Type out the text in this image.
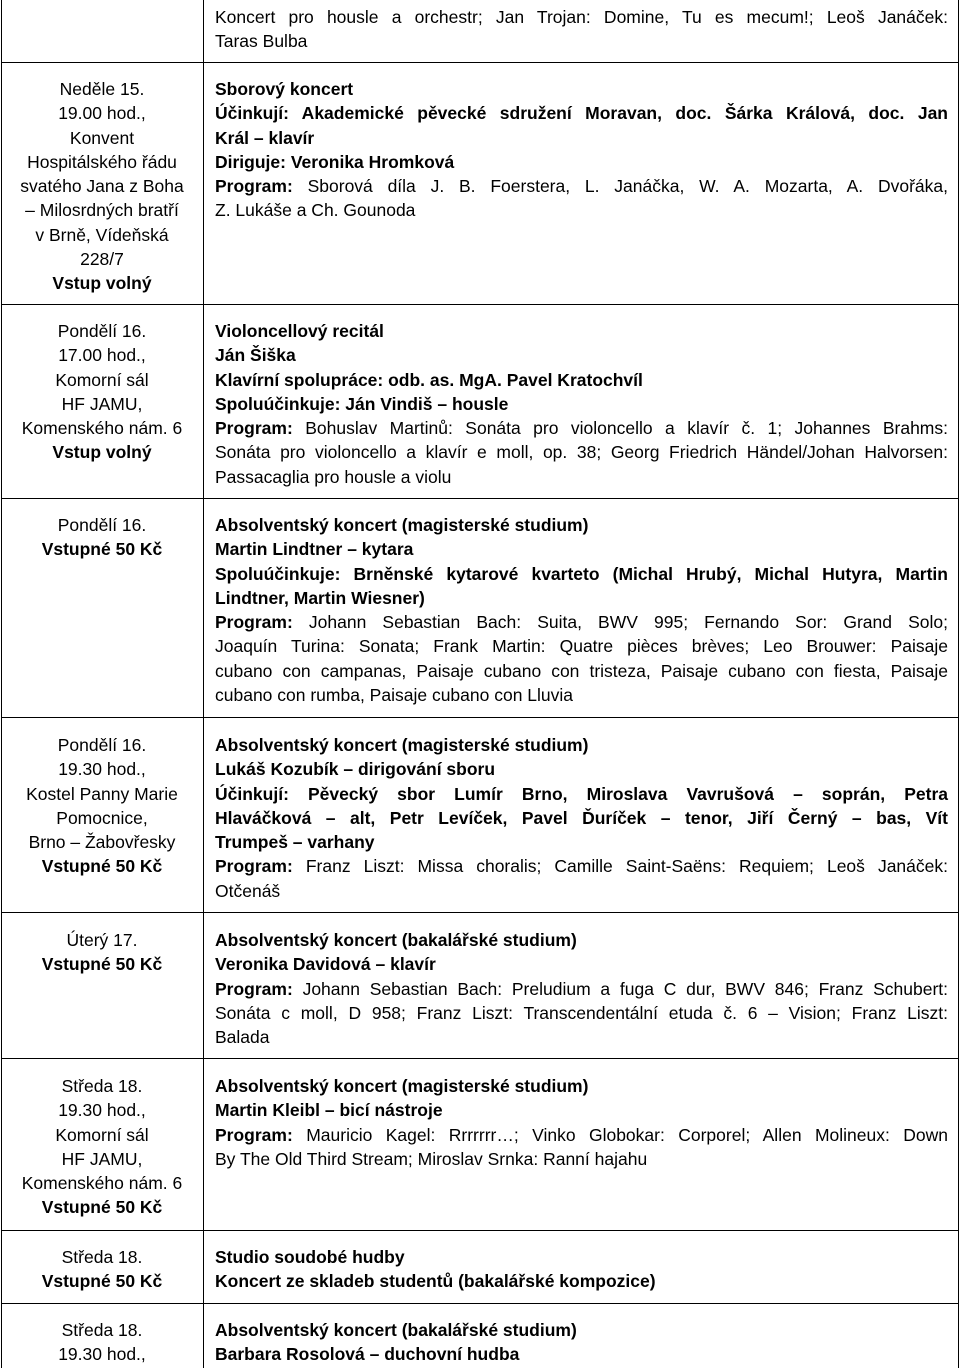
Koncert pro housle a orchestr; Jan Trojan: Domine, Tu es mecum!; Leoš Janáček:
Taras Bulba
Neděle 15.
19.00 hod.,
Konvent
Hospitálského řádu
svatého Jana z Boha
– Milosrdných bratří
v Brně, Vídeňská
228/7
Vstup volný
Sborový koncert
Účinkují: Akademické pěvecké sdružení Moravan, doc. Šárka Králová, doc. Jan
Král – klavír
Diriguje: Veronika Hromková
Program: Sborová díla J. B. Foerstera, L. Janáčka, W. A. Mozarta, A. Dvořáka,
Z. Lukáše a Ch. Gounoda
Pondělí 16.
17.00 hod.,
Komorní sál
HF JAMU,
Komenského nám. 6
Vstup volný
Violoncellový recitál
Ján Šiška
Klavírní spolupráce: odb. as. MgA. Pavel Kratochvíl
Spoluúčinkuje: Ján Vindiš – housle
Program: Bohuslav Martinů: Sonáta pro violoncello a klavír č. 1; Johannes Brahms:
Sonáta pro violoncello a klavír e moll, op. 38; Georg Friedrich Händel/Johan Halvorsen:
Passacaglia pro housle a violu
Pondělí 16.
Vstupné 50 Kč
Absolventský koncert (magisterské studium)
Martin Lindtner – kytara
Spoluúčinkuje: Brněnské kytarové kvarteto (Michal Hrubý, Michal Hutyra, Martin
Lindtner, Martin Wiesner)
Program: Johann Sebastian Bach: Suita, BWV 995; Fernando Sor: Grand Solo;
Joaquín Turina: Sonata; Frank Martin: Quatre pièces brèves; Leo Brouwer: Paisaje
cubano con campanas, Paisaje cubano con tristeza, Paisaje cubano con fiesta, Paisaje
cubano con rumba, Paisaje cubano con Lluvia
Pondělí 16.
19.30 hod.,
Kostel Panny Marie
Pomocnice,
Brno – Žabovřesky
Vstupné 50 Kč
Absolventský koncert (magisterské studium)
Lukáš Kozubík – dirigování sboru
Účinkují: Pěvecký sbor Lumír Brno, Miroslava Vavrušová – soprán, Petra
Hlaváčková – alt, Petr Levíček, Pavel Ďuríček – tenor, Jiří Černý – bas, Vít
Trumpeš – varhany
Program: Franz Liszt: Missa choralis; Camille Saint-Saëns: Requiem; Leoš Janáček:
Otčenáš
Úterý 17.
Vstupné 50 Kč
Absolventský koncert (bakalářské studium)
Veronika Davidová – klavír
Program: Johann Sebastian Bach: Preludium a fuga C dur, BWV 846; Franz Schubert:
Sonáta c moll, D 958; Franz Liszt: Transcendentální etuda č. 6 – Vision; Franz Liszt:
Balada
Středa 18.
19.30 hod.,
Komorní sál
HF JAMU,
Komenského nám. 6
Vstupné 50 Kč
Absolventský koncert (magisterské studium)
Martin Kleibl – bicí nástroje
Program: Mauricio Kagel: Rrrrrrr…; Vinko Globokar: Corporel; Allen Molineux: Down
By The Old Third Stream; Miroslav Srnka: Ranní hajahu
Středa 18.
Vstupné 50 Kč
Studio soudobé hudby
Koncert ze skladeb studentů (bakalářské kompozice)
Středa 18.
19.30 hod.,
Absolventský koncert (bakalářské studium)
Barbara Rosolová – duchovní hudba
